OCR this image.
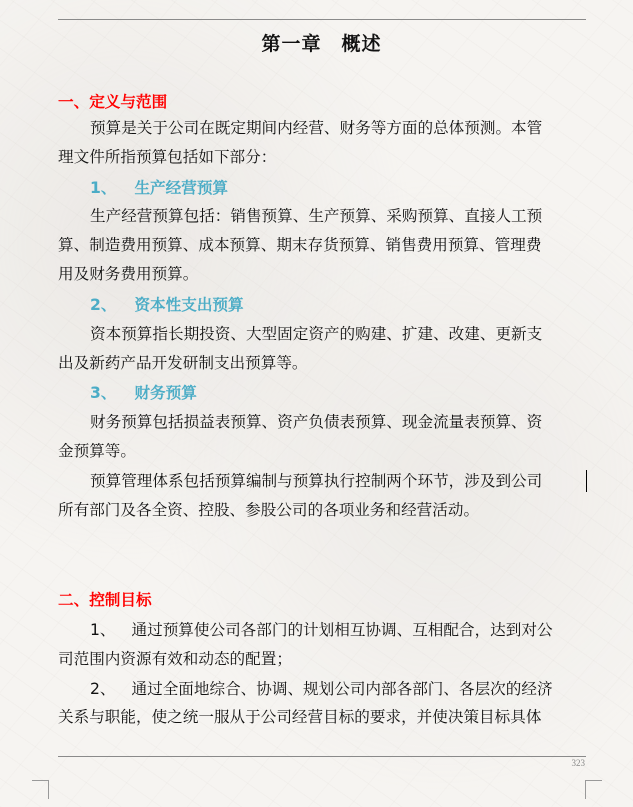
第一章　概述
一、定义与范围
预算是关于公司在既定期间内经营、财务等方面的总体预测。本管
理文件所指预算包括如下部分：
1、 生产经营预算
生产经营预算包括：销售预算、生产预算、采购预算、直接人工预
算、制造费用预算、成本预算、期末存货预算、销售费用预算、管理费
用及财务费用预算。
2、 资本性支出预算
资本预算指长期投资、大型固定资产的购建、扩建、改建、更新支
出及新药产品开发研制支出预算等。
3、 财务预算
财务预算包括损益表预算、资产负债表预算、现金流量表预算、资
金预算等。
预算管理体系包括预算编制与预算执行控制两个环节，涉及到公司
所有部门及各全资、控股、参股公司的各项业务和经营活动。
二、控制目标
1、 通过预算使公司各部门的计划相互协调、互相配合，达到对公
司范围内资源有效和动态的配置；
2、 通过全面地综合、协调、规划公司内部各部门、各层次的经济
关系与职能，使之统一服从于公司经营目标的要求，并使决策目标具体
323
